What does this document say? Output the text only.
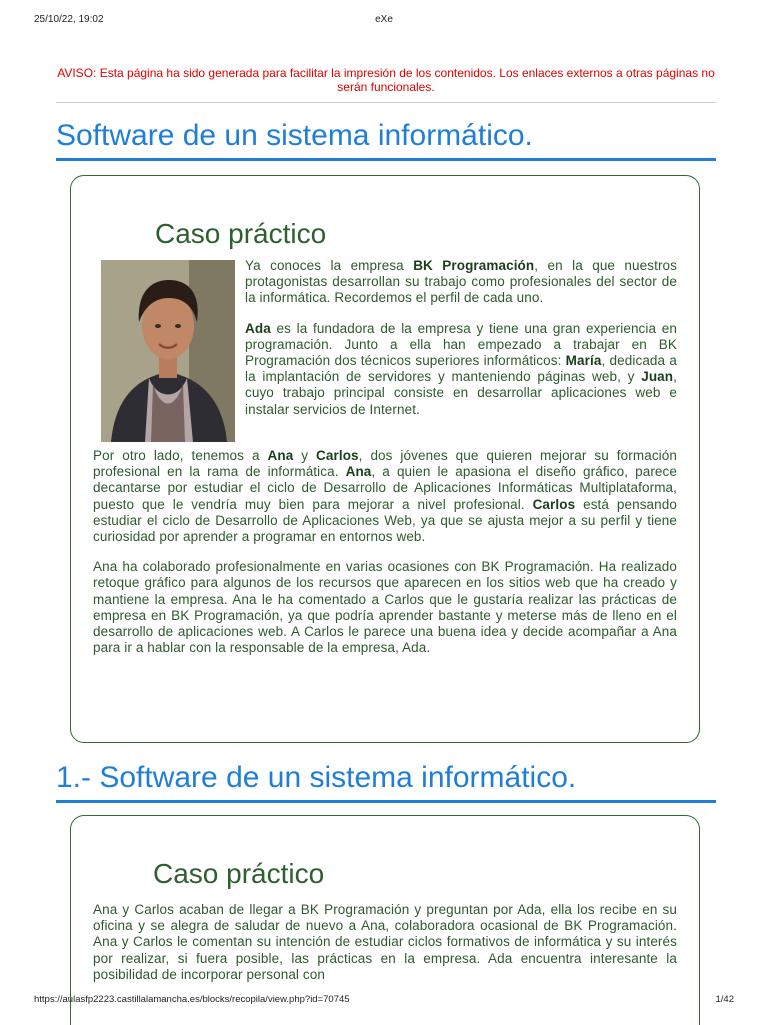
25/10/22, 19:02	eXe
AVISO: Esta página ha sido generada para facilitar la impresión de los contenidos. Los enlaces externos a otras páginas no serán funcionales.
Software de un sistema informático.
Caso práctico

Ya conoces la empresa BK Programación, en la que nuestros protagonistas desarrollan su trabajo como profesionales del sector de la informática. Recordemos el perfil de cada uno.

Ada es la fundadora de la empresa y tiene una gran experiencia en programación. Junto a ella han empezado a trabajar en BK Programación dos técnicos superiores informáticos: María, dedicada a la implantación de servidores y manteniendo páginas web, y Juan, cuyo trabajo principal consiste en desarrollar aplicaciones web e instalar servicios de Internet.

Por otro lado, tenemos a Ana y Carlos, dos jóvenes que quieren mejorar su formación profesional en la rama de informática. Ana, a quien le apasiona el diseño gráfico, parece decantarse por estudiar el ciclo de Desarrollo de Aplicaciones Informáticas Multiplataforma, puesto que le vendría muy bien para mejorar a nivel profesional. Carlos está pensando estudiar el ciclo de Desarrollo de Aplicaciones Web, ya que se ajusta mejor a su perfil y tiene curiosidad por aprender a programar en entornos web.

Ana ha colaborado profesionalmente en varias ocasiones con BK Programación. Ha realizado retoque gráfico para algunos de los recursos que aparecen en los sitios web que ha creado y mantiene la empresa. Ana le ha comentado a Carlos que le gustaría realizar las prácticas de empresa en BK Programación, ya que podría aprender bastante y meterse más de lleno en el desarrollo de aplicaciones web. A Carlos le parece una buena idea y decide acompañar a Ana para ir a hablar con la responsable de la empresa, Ada.

1.- Software de un sistema informático.
Caso práctico

Ana y Carlos acaban de llegar a BK Programación y preguntan por Ada, ella los recibe en su oficina y se alegra de saludar de nuevo a Ana, colaboradora ocasional de BK Programación. Ana y Carlos le comentan su intención de estudiar ciclos formativos de informática y su interés por realizar, si fuera posible, las prácticas en la empresa. Ada encuentra interesante la posibilidad de incorporar personal con

https://aulasfp2223.castillalamancha.es/blocks/recopila/view.php?id=70745	1/42
